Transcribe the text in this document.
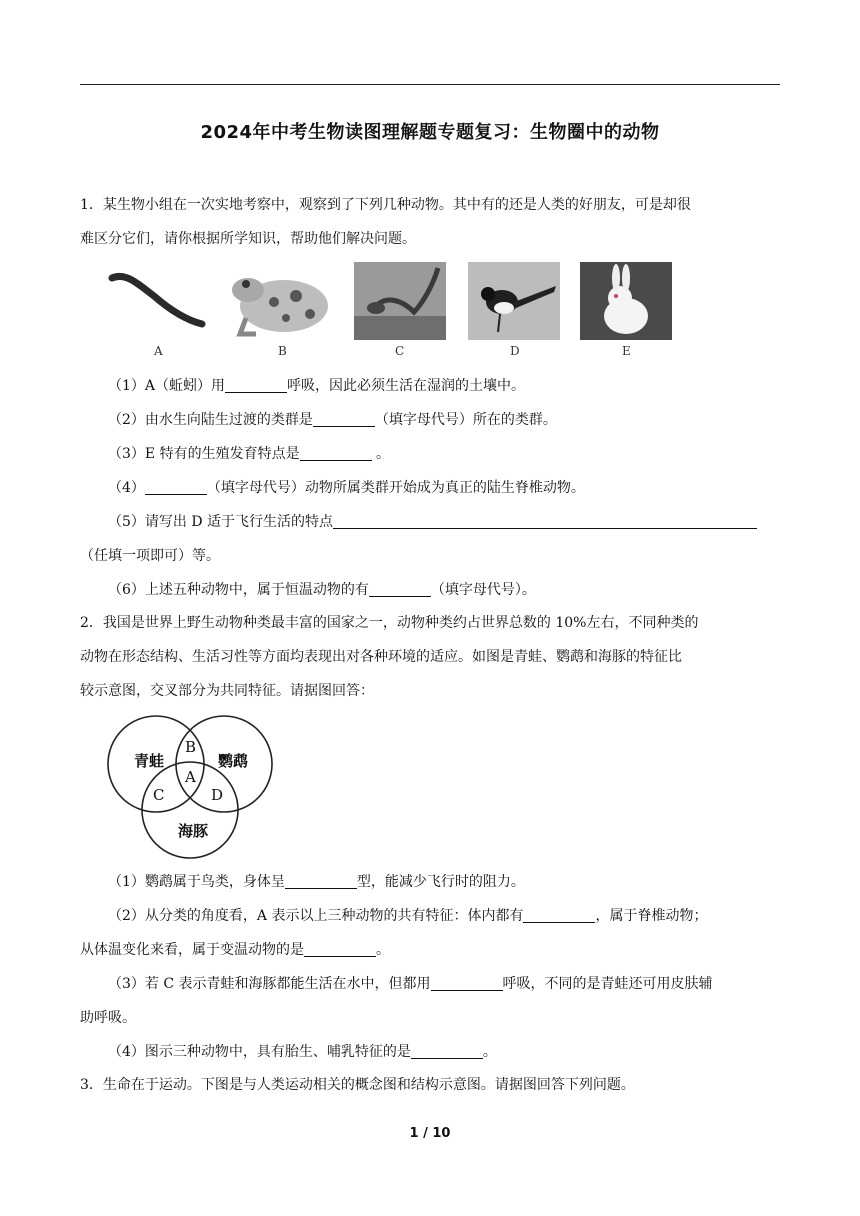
2024年中考生物读图理解题专题复习：生物圈中的动物
1．某生物小组在一次实地考察中，观察到了下列几种动物。其中有的还是人类的好朋友，可是却很
难区分它们，请你根据所学知识，帮助他们解决问题。
A	B	C	D	E
（1）A（蚯蚓）用	呼吸，因此必须生活在湿润的土壤中。
（2）由水生向陆生过渡的类群是	（填字母代号）所在的类群。
（3）E 特有的生殖发育特点是	。
（4）	（填字母代号）动物所属类群开始成为真正的陆生脊椎动物。
（5）请写出 D 适于飞行生活的特点
（任填一项即可）等。
（6）上述五种动物中，属于恒温动物的有	（填字母代号）。
2．我国是世界上野生动物种类最丰富的国家之一，动物种类约占世界总数的 10%左右，不同种类的
动物在形态结构、生活习性等方面均表现出对各种环境的适应。如图是青蛙、鹦鹉和海豚的特征比
较示意图，交叉部分为共同特征。请据图回答：
青蛙	鹦鹉
海豚
B
A
C	D
（1）鹦鹉属于鸟类，身体呈	型，能减少飞行时的阻力。
（2）从分类的角度看，A 表示以上三种动物的共有特征：体内都有	，属于脊椎动物；
从体温变化来看，属于变温动物的是	。
（3）若 C 表示青蛙和海豚都能生活在水中，但都用	呼吸，不同的是青蛙还可用皮肤辅
助呼吸。
（4）图示三种动物中，具有胎生、哺乳特征的是	。
3．生命在于运动。下图是与人类运动相关的概念图和结构示意图。请据图回答下列问题。
1 / 10
